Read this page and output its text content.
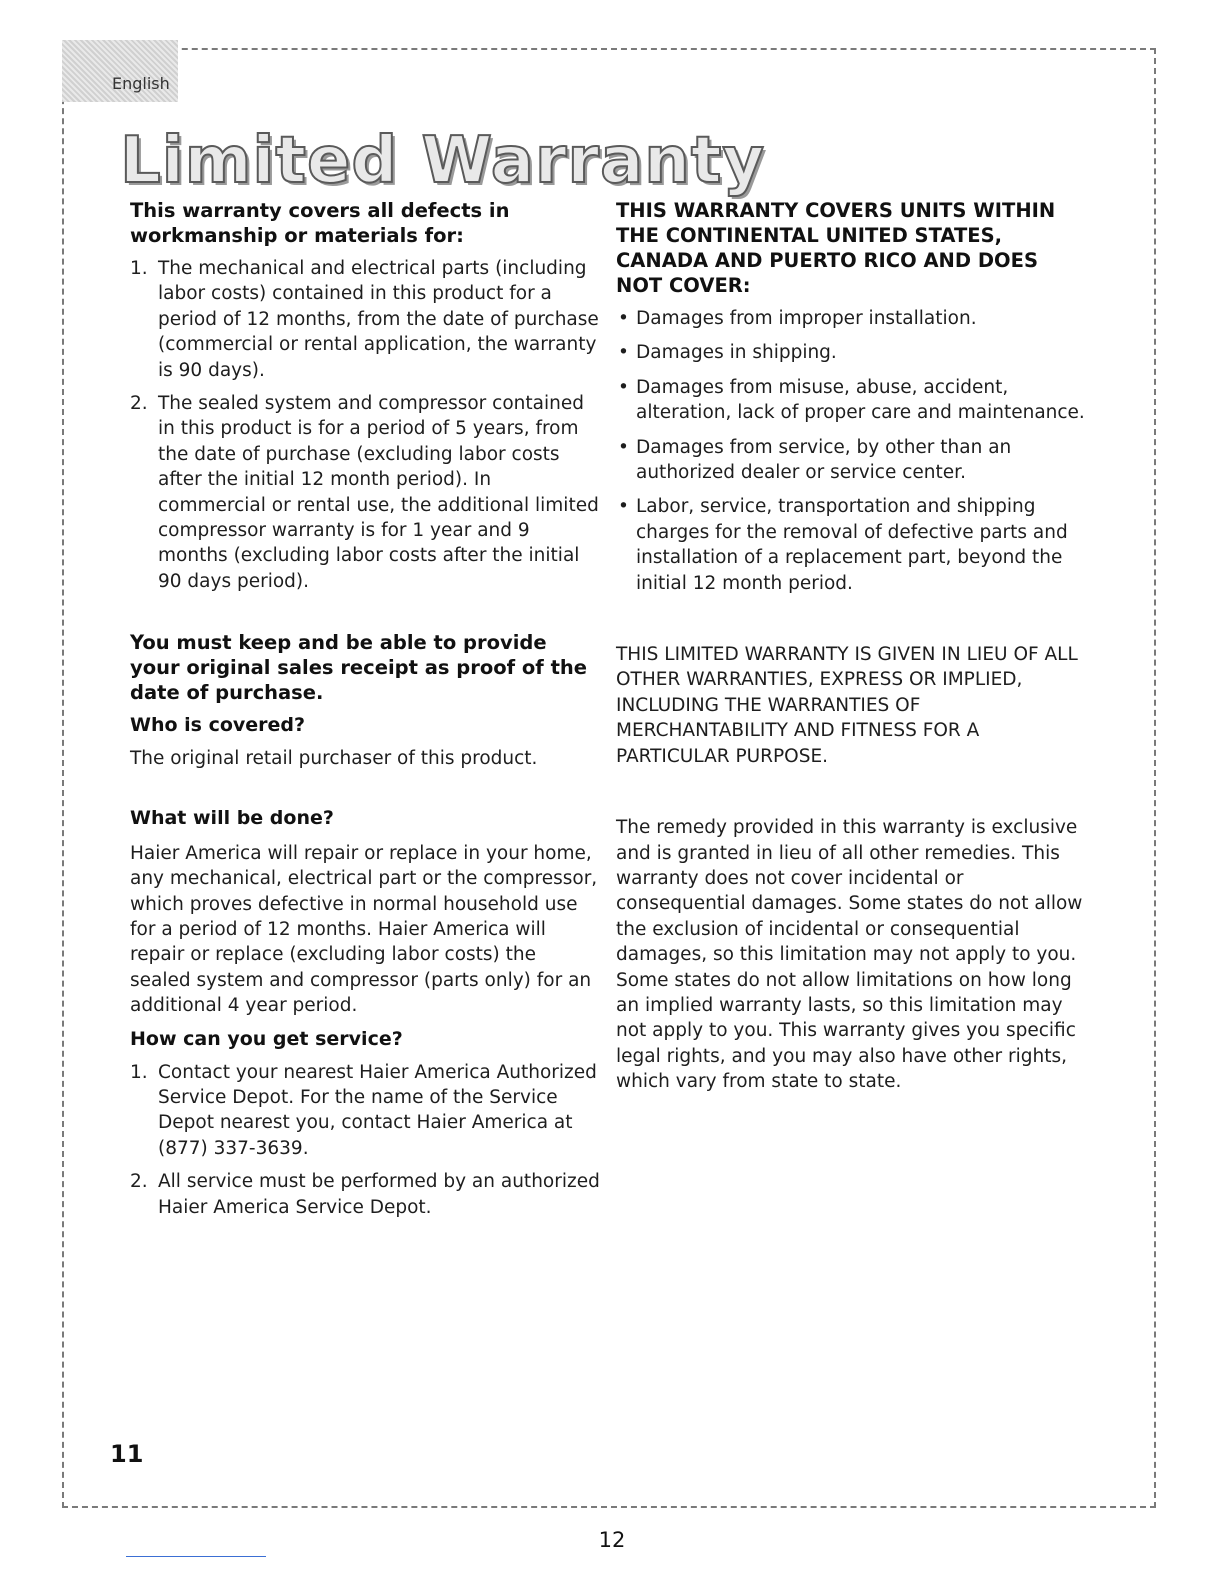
English
Limited Warranty
This warranty covers all defects in workmanship or materials for:
1. The mechanical and electrical parts (including labor costs) contained in this product for a period of 12 months, from the date of purchase (commercial or rental application, the warranty is 90 days).
2. The sealed system and compressor contained in this product is for a period of 5 years, from the date of purchase (excluding labor costs after the initial 12 month period). In commercial or rental use, the additional limited compressor warranty is for 1 year and 9 months (excluding labor costs after the initial 90 days period).
You must keep and be able to provide your original sales receipt as proof of the date of purchase.
Who is covered?

The original retail purchaser of this product.

What will be done?

Haier America will repair or replace in your home, any mechanical, electrical part or the compressor, which proves defective in normal household use for a period of 12 months. Haier America will repair or replace (excluding labor costs) the sealed system and compressor (parts only) for an additional 4 year period.

How can you get service?
1. Contact your nearest Haier America Authorized Service Depot. For the name of the Service Depot nearest you, contact Haier America at (877) 337-3639.
2. All service must be performed by an authorized Haier America Service Depot.
THIS WARRANTY COVERS UNITS WITHIN THE CONTINENTAL UNITED STATES, CANADA AND PUERTO RICO AND DOES NOT COVER:
• Damages from improper installation.
• Damages in shipping.
• Damages from misuse, abuse, accident, alteration, lack of proper care and maintenance.
• Damages from service, by other than an authorized dealer or service center.
• Labor, service, transportation and shipping charges for the removal of defective parts and installation of a replacement part, beyond the initial 12 month period.

THIS LIMITED WARRANTY IS GIVEN IN LIEU OF ALL OTHER WARRANTIES, EXPRESS OR IMPLIED, INCLUDING THE WARRANTIES OF MERCHANTABILITY AND FITNESS FOR A PARTICULAR PURPOSE.

The remedy provided in this warranty is exclusive and is granted in lieu of all other remedies. This warranty does not cover incidental or consequential damages. Some states do not allow the exclusion of incidental or consequential damages, so this limitation may not apply to you. Some states do not allow limitations on how long an implied warranty lasts, so this limitation may not apply to you. This warranty gives you specific legal rights, and you may also have other rights, which vary from state to state.

11
12
